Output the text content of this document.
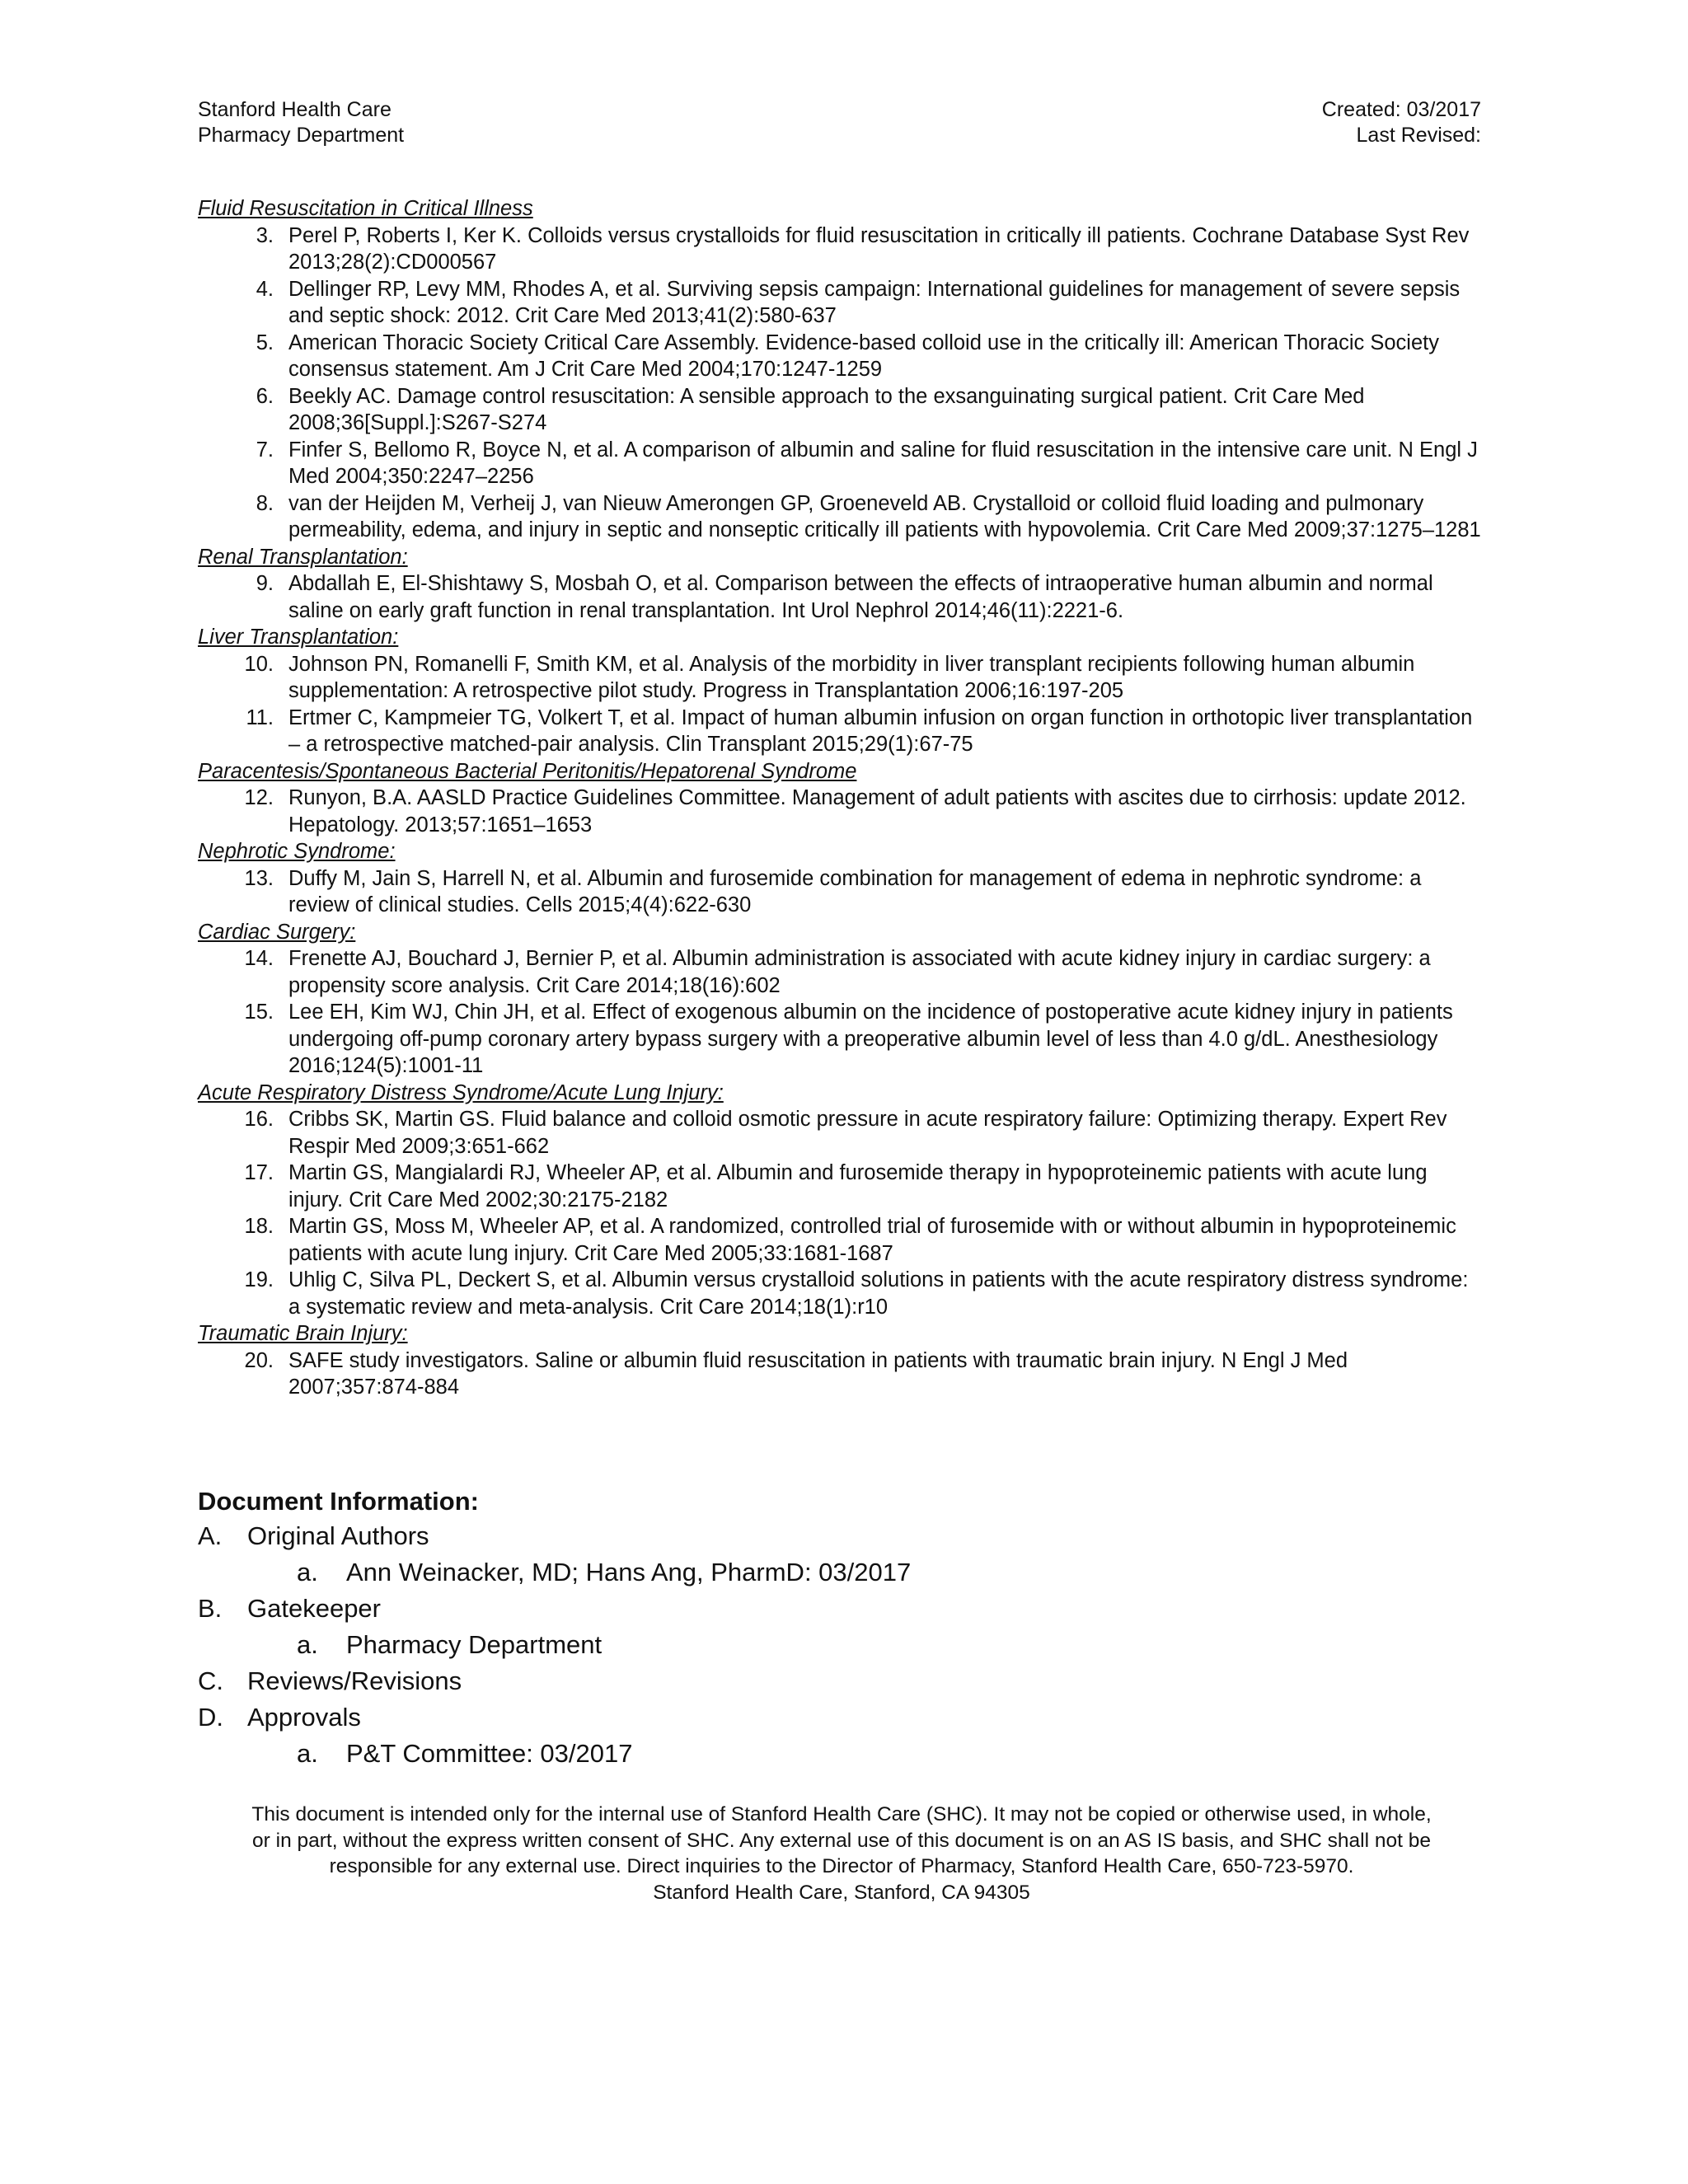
Stanford Health Care
Pharmacy Department
Created: 03/2017
Last Revised:
Fluid Resuscitation in Critical Illness
3. Perel P, Roberts I, Ker K. Colloids versus crystalloids for fluid resuscitation in critically ill patients. Cochrane Database Syst Rev 2013;28(2):CD000567
4. Dellinger RP, Levy MM, Rhodes A, et al. Surviving sepsis campaign: International guidelines for management of severe sepsis and septic shock: 2012. Crit Care Med 2013;41(2):580-637
5. American Thoracic Society Critical Care Assembly. Evidence-based colloid use in the critically ill: American Thoracic Society consensus statement. Am J Crit Care Med 2004;170:1247-1259
6. Beekly AC. Damage control resuscitation: A sensible approach to the exsanguinating surgical patient. Crit Care Med 2008;36[Suppl.]:S267-S274
7. Finfer S, Bellomo R, Boyce N, et al. A comparison of albumin and saline for fluid resuscitation in the intensive care unit. N Engl J Med 2004;350:2247–2256
8. van der Heijden M, Verheij J, van Nieuw Amerongen GP, Groeneveld AB. Crystalloid or colloid fluid loading and pulmonary permeability, edema, and injury in septic and nonseptic critically ill patients with hypovolemia. Crit Care Med 2009;37:1275–1281
Renal Transplantation:
9. Abdallah E, El-Shishtawy S, Mosbah O, et al. Comparison between the effects of intraoperative human albumin and normal saline on early graft function in renal transplantation. Int Urol Nephrol 2014;46(11):2221-6.
Liver Transplantation:
10. Johnson PN, Romanelli F, Smith KM, et al. Analysis of the morbidity in liver transplant recipients following human albumin supplementation: A retrospective pilot study. Progress in Transplantation 2006;16:197-205
11. Ertmer C, Kampmeier TG, Volkert T, et al. Impact of human albumin infusion on organ function in orthotopic liver transplantation – a retrospective matched-pair analysis. Clin Transplant 2015;29(1):67-75
Paracentesis/Spontaneous Bacterial Peritonitis/Hepatorenal Syndrome
12. Runyon, B.A. AASLD Practice Guidelines Committee. Management of adult patients with ascites due to cirrhosis: update 2012. Hepatology. 2013;57:1651–1653
Nephrotic Syndrome:
13. Duffy M, Jain S, Harrell N, et al. Albumin and furosemide combination for management of edema in nephrotic syndrome: a review of clinical studies. Cells 2015;4(4):622-630
Cardiac Surgery:
14. Frenette AJ, Bouchard J, Bernier P, et al. Albumin administration is associated with acute kidney injury in cardiac surgery: a propensity score analysis. Crit Care 2014;18(16):602
15. Lee EH, Kim WJ, Chin JH, et al. Effect of exogenous albumin on the incidence of postoperative acute kidney injury in patients undergoing off-pump coronary artery bypass surgery with a preoperative albumin level of less than 4.0 g/dL. Anesthesiology 2016;124(5):1001-11
Acute Respiratory Distress Syndrome/Acute Lung Injury:
16. Cribbs SK, Martin GS. Fluid balance and colloid osmotic pressure in acute respiratory failure: Optimizing therapy. Expert Rev Respir Med 2009;3:651-662
17. Martin GS, Mangialardi RJ, Wheeler AP, et al. Albumin and furosemide therapy in hypoproteinemic patients with acute lung injury. Crit Care Med 2002;30:2175-2182
18. Martin GS, Moss M, Wheeler AP, et al. A randomized, controlled trial of furosemide with or without albumin in hypoproteinemic patients with acute lung injury. Crit Care Med 2005;33:1681-1687
19. Uhlig C, Silva PL, Deckert S, et al. Albumin versus crystalloid solutions in patients with the acute respiratory distress syndrome: a systematic review and meta-analysis. Crit Care 2014;18(1):r10
Traumatic Brain Injury:
20. SAFE study investigators. Saline or albumin fluid resuscitation in patients with traumatic brain injury. N Engl J Med 2007;357:874-884
Document Information:
A. Original Authors
a.	Ann Weinacker, MD; Hans Ang, PharmD: 03/2017
B. Gatekeeper
a.	Pharmacy Department
C. Reviews/Revisions
D. Approvals
a.	P&T Committee: 03/2017
This document is intended only for the internal use of Stanford Health Care (SHC). It may not be copied or otherwise used, in whole,
or in part, without the express written consent of SHC. Any external use of this document is on an AS IS basis, and SHC shall not be
responsible for any external use. Direct inquiries to the Director of Pharmacy, Stanford Health Care, 650-723-5970.
Stanford Health Care, Stanford, CA 94305
